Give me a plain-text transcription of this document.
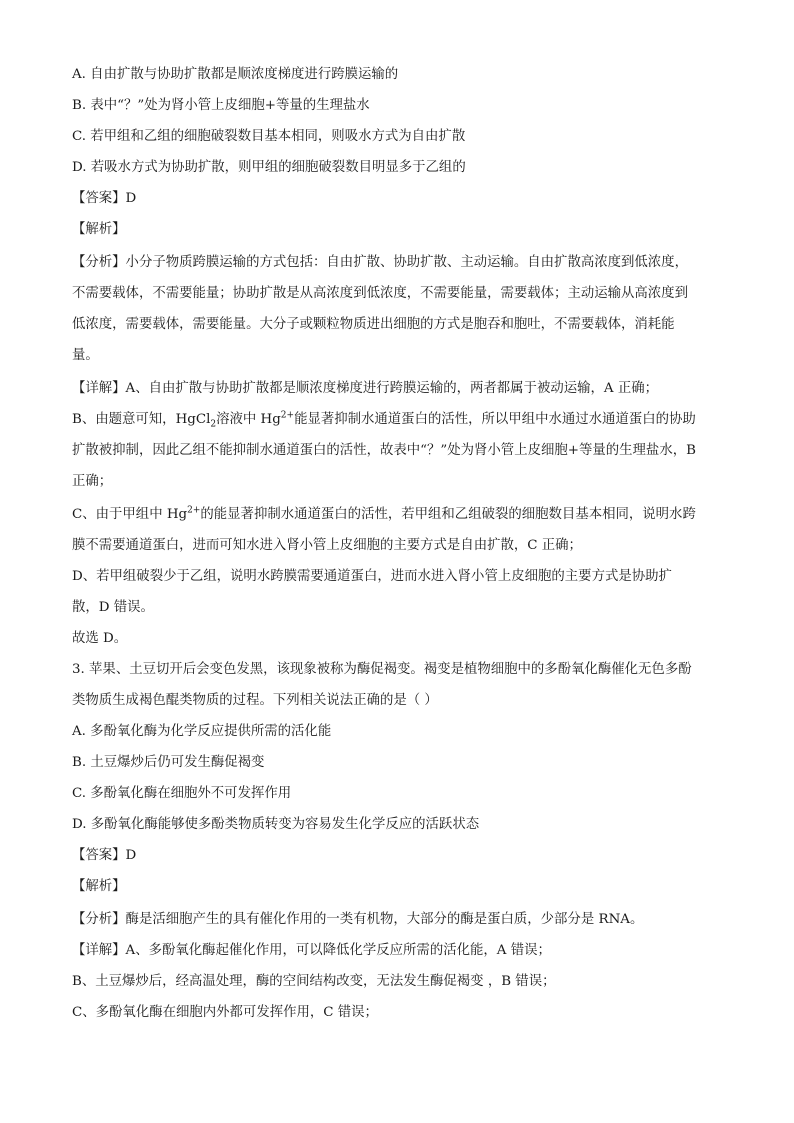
A. 自由扩散与协助扩散都是顺浓度梯度进行跨膜运输的
B. 表中“？”处为肾小管上皮细胞+等量的生理盐水
C. 若甲组和乙组的细胞破裂数目基本相同，则吸水方式为自由扩散
D. 若吸水方式为协助扩散，则甲组的细胞破裂数目明显多于乙组的
【答案】D
【解析】
【分析】小分子物质跨膜运输的方式包括：自由扩散、协助扩散、主动运输。自由扩散高浓度到低浓度，
不需要载体，不需要能量；协助扩散是从高浓度到低浓度，不需要能量，需要载体；主动运输从高浓度到
低浓度，需要载体，需要能量。大分子或颗粒物质进出细胞的方式是胞吞和胞吐，不需要载体，消耗能
量。
【详解】A、自由扩散与协助扩散都是顺浓度梯度进行跨膜运输的，两者都属于被动运输，A 正确；
B、由题意可知，HgCl$_2$溶液中 $Hg^{2+}$能显著抑制水通道蛋白的活性，所以甲组中水通过水通道蛋白的协助
扩散被抑制，因此乙组不能抑制水通道蛋白的活性，故表中“？”处为肾小管上皮细胞+等量的生理盐水，B
正确；
C、由于甲组中 $Hg^{2+}$的能显著抑制水通道蛋白的活性，若甲组和乙组破裂的细胞数目基本相同，说明水跨
膜不需要通道蛋白，进而可知水进入肾小管上皮细胞的主要方式是自由扩散，C 正确；
D、若甲组破裂少于乙组，说明水跨膜需要通道蛋白，进而水进入肾小管上皮细胞的主要方式是协助扩
散，D 错误。
故选 D。
3. 苹果、土豆切开后会变色发黑，该现象被称为酶促褐变。褐变是植物细胞中的多酚氧化酶催化无色多酚
类物质生成褐色醌类物质的过程。下列相关说法正确的是（ ）
A. 多酚氧化酶为化学反应提供所需的活化能
B. 土豆爆炒后仍可发生酶促褐变
C. 多酚氧化酶在细胞外不可发挥作用
D. 多酚氧化酶能够使多酚类物质转变为容易发生化学反应的活跃状态
【答案】D
【解析】
【分析】酶是活细胞产生的具有催化作用的一类有机物，大部分的酶是蛋白质，少部分是 RNA。
【详解】A、多酚氧化酶起催化作用，可以降低化学反应所需的活化能，A 错误；
B、土豆爆炒后，经高温处理，酶的空间结构改变，无法发生酶促褐变 ，B 错误；
C、多酚氧化酶在细胞内外都可发挥作用，C 错误；
